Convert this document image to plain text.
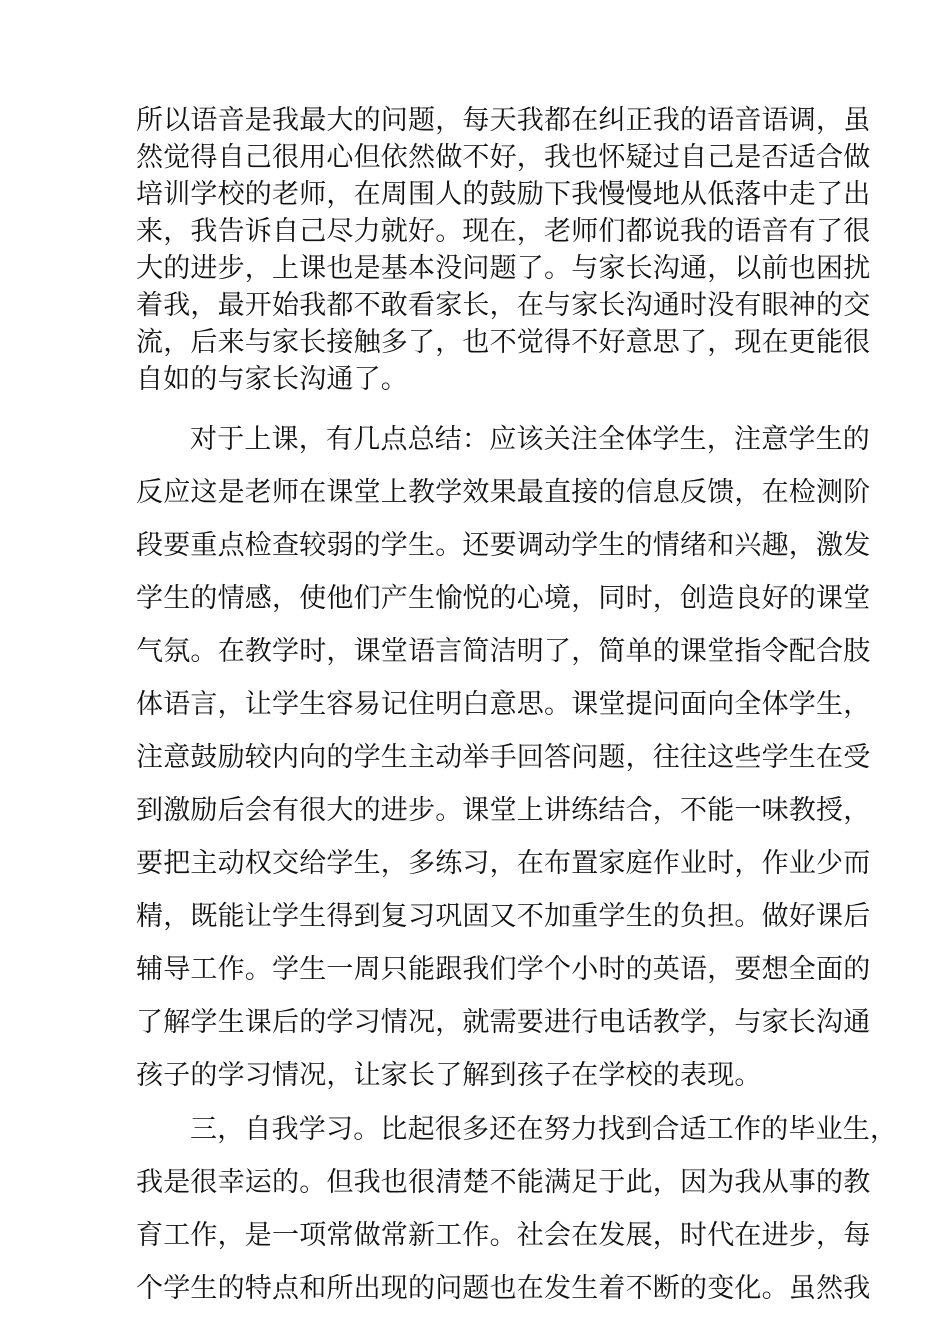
所以语音是我最大的问题，每天我都在纠正我的语音语调，虽
然觉得自己很用心但依然做不好，我也怀疑过自己是否适合做
培训学校的老师，在周围人的鼓励下我慢慢地从低落中走了出
来，我告诉自己尽力就好。现在，老师们都说我的语音有了很
大的进步，上课也是基本没问题了。与家长沟通，以前也困扰
着我，最开始我都不敢看家长，在与家长沟通时没有眼神的交
流，后来与家长接触多了，也不觉得不好意思了，现在更能很
自如的与家长沟通了。
对于上课，有几点总结：应该关注全体学生，注意学生的
反应这是老师在课堂上教学效果最直接的信息反馈，在检测阶
段要重点检查较弱的学生。还要调动学生的情绪和兴趣，激发
学生的情感，使他们产生愉悦的心境，同时，创造良好的课堂
气氛。在教学时，课堂语言简洁明了，简单的课堂指令配合肢
体语言，让学生容易记住明白意思。课堂提问面向全体学生，
注意鼓励较内向的学生主动举手回答问题，往往这些学生在受
到激励后会有很大的进步。课堂上讲练结合，不能一味教授，
要把主动权交给学生，多练习，在布置家庭作业时，作业少而
精，既能让学生得到复习巩固又不加重学生的负担。做好课后
辅导工作。学生一周只能跟我们学个小时的英语，要想全面的
了解学生课后的学习情况，就需要进行电话教学，与家长沟通
孩子的学习情况，让家长了解到孩子在学校的表现。
三，自我学习。比起很多还在努力找到合适工作的毕业生，
我是很幸运的。但我也很清楚不能满足于此，因为我从事的教
育工作，是一项常做常新工作。社会在发展，时代在进步，每
个学生的特点和所出现的问题也在发生着不断的变化。虽然我
